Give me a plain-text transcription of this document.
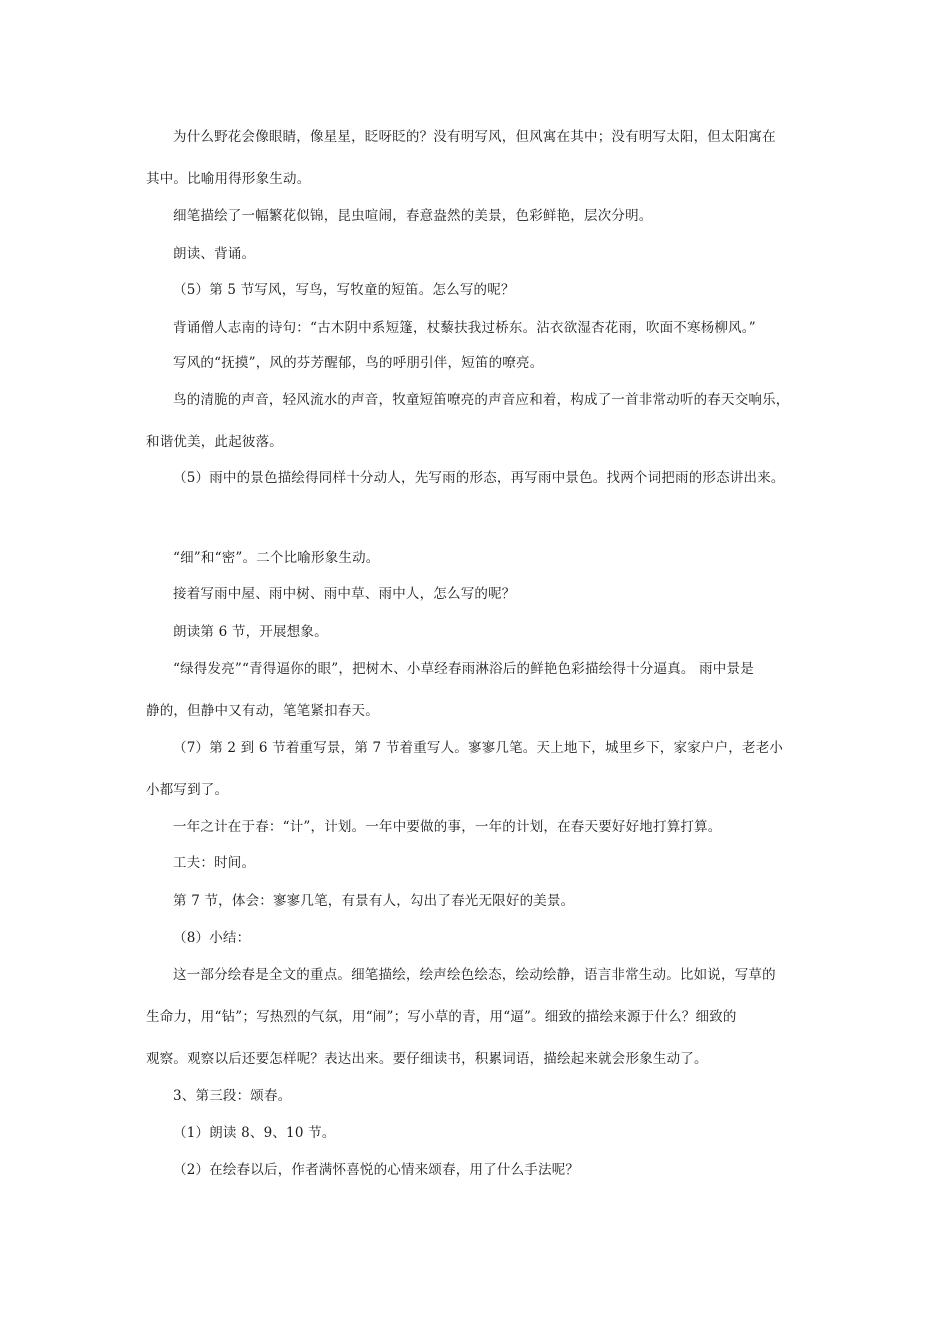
为什么野花会像眼睛，像星星，眨呀眨的？没有明写风，但风寓在其中；没有明写太阳，但太阳寓在
其中。比喻用得形象生动。
细笔描绘了一幅繁花似锦，昆虫喧闹，春意盎然的美景，色彩鲜艳，层次分明。
朗读、背诵。
（5）第 5 节写风，写鸟，写牧童的短笛。怎么写的呢？
背诵僧人志南的诗句：“古木阴中系短篷，杖藜扶我过桥东。沾衣欲湿杏花雨，吹面不寒杨柳风。”
写风的“抚摸”，风的芬芳醒郁，鸟的呼朋引伴，短笛的嘹亮。
鸟的清脆的声音，轻风流水的声音，牧童短笛嘹亮的声音应和着，构成了一首非常动听的春天交响乐，
和谐优美，此起彼落。
（5）雨中的景色描绘得同样十分动人，先写雨的形态，再写雨中景色。找两个词把雨的形态讲出来。
“细”和“密”。二个比喻形象生动。
接着写雨中屋、雨中树、雨中草、雨中人，怎么写的呢？
朗读第 6 节，开展想象。
“绿得发亮”“青得逼你的眼”，把树木、小草经春雨淋浴后的鲜艳色彩描绘得十分逼真。 雨中景是
静的，但静中又有动，笔笔紧扣春天。
（7）第 2 到 6 节着重写景，第 7 节着重写人。寥寥几笔。天上地下，城里乡下，家家户户，老老小
小都写到了。
一年之计在于春：“计”，计划。一年中要做的事，一年的计划，在春天要好好地打算打算。
工夫：时间。
第 7 节，体会：寥寥几笔，有景有人，勾出了春光无限好的美景。
（8）小结：
这一部分绘春是全文的重点。细笔描绘，绘声绘色绘态，绘动绘静，语言非常生动。比如说，写草的
生命力，用“钻”；写热烈的气氛，用“闹”；写小草的青，用“逼”。细致的描绘来源于什么？细致的
观察。观察以后还要怎样呢？表达出来。要仔细读书，积累词语，描绘起来就会形象生动了。
3、第三段：颂春。
（1）朗读 8、9、10 节。
（2）在绘春以后，作者满怀喜悦的心情来颂春，用了什么手法呢？
